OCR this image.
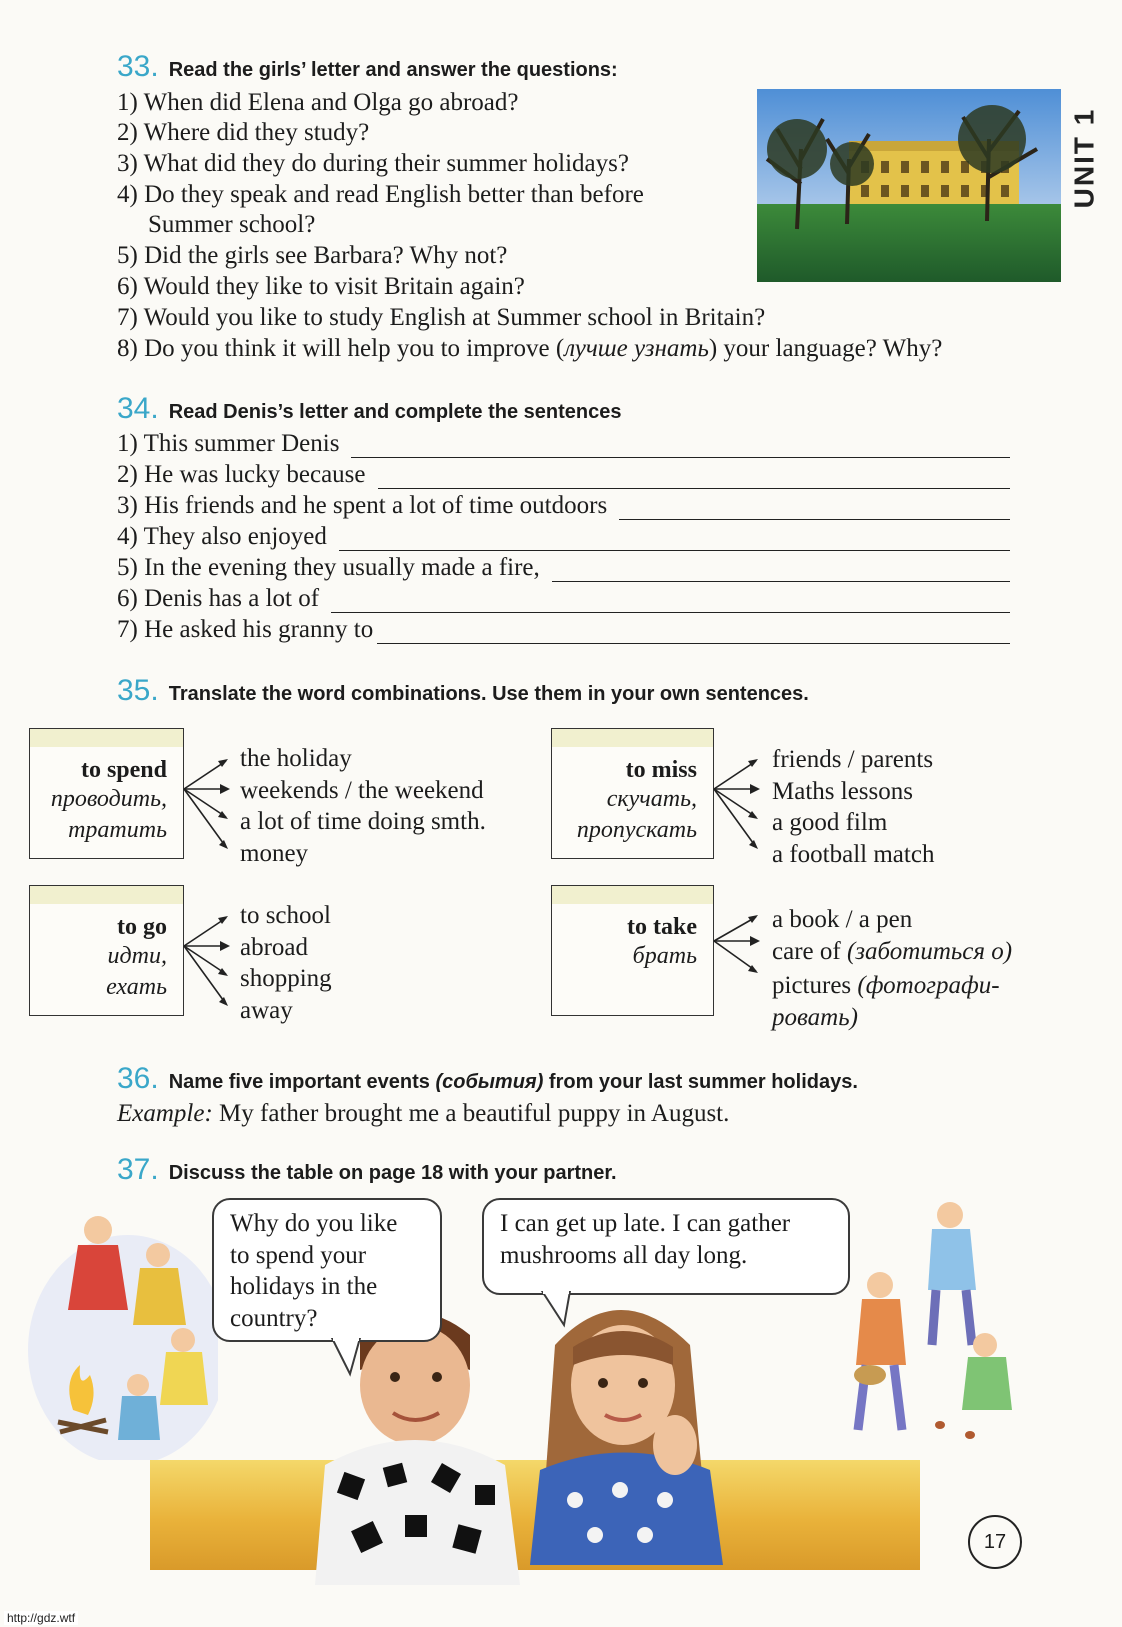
UNIT 1
33. Read the girls’ letter and answer the questions:
1) When did Elena and Olga go abroad?
2) Where did they study?
3) What did they do during their summer holidays?
4) Do they speak and read English better than before
Summer school?
5) Did the girls see Barbara? Why not?
6) Would they like to visit Britain again?
7) Would you like to study English at Summer school in Britain?
8) Do you think it will help you to improve (лучше узнать) your language? Why?
34. Read Denis’s letter and complete the sentences
1) This summer Denis
2) He was lucky because
3) His friends and he spent a lot of time outdoors
4) They also enjoyed
5) In the evening they usually made a fire,
6) Denis has a lot of
7) He asked his granny to
35. Translate the word combinations. Use them in your own sentences.
to spend
проводить,
тратить
the holiday
weekends / the weekend
a lot of time doing smth.
money
to miss
скучать,
пропускать
friends / parents
Maths lessons
a good film
a football match
to go
идти,
ехать
to school
abroad
shopping
away
to take
брать
a book / a pen
care of (заботиться о)
pictures (фотографи-
ровать)
36. Name five important events (события) from your last summer holidays.
Example: My father brought me a beautiful puppy in August.
37. Discuss the table on page 18 with your partner.
Why do you like
to spend your
holidays in the
country?
I can get up late. I can gather
mushrooms all day long.
17
http://gdz.wtf
